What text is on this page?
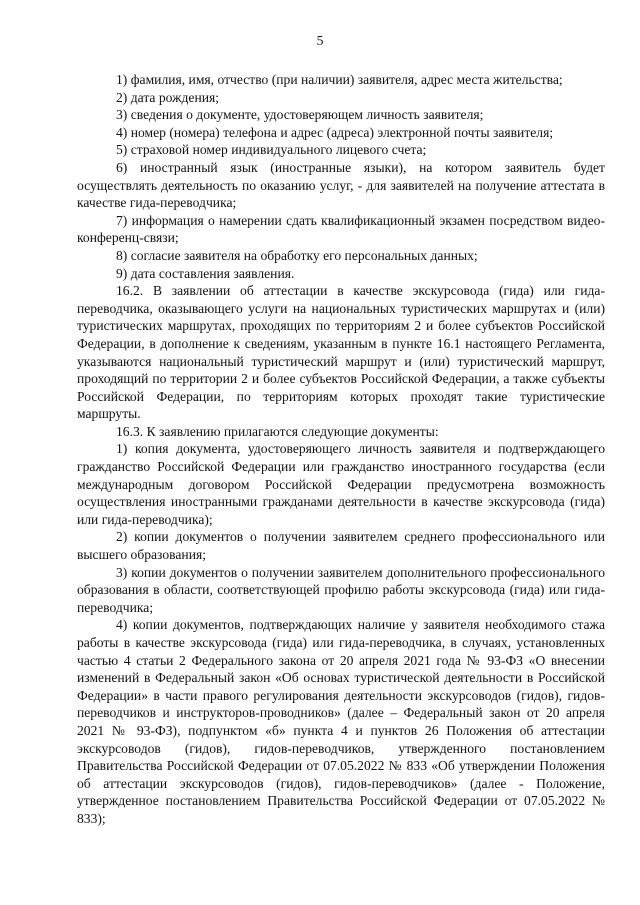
5

1) фамилия, имя, отчество (при наличии) заявителя, адрес места жительства;

2) дата рождения;

3) сведения о документе, удостоверяющем личность заявителя;

4) номер (номера) телефона и адрес (адреса) электронной почты заявителя;

5) страховой номер индивидуального лицевого счета;

6) иностранный язык (иностранные языки), на котором заявитель будет осуществлять деятельность по оказанию услуг, - для заявителей на получение аттестата в качестве гида-переводчика;

7) информация о намерении сдать квалификационный экзамен посредством видео-конференц-связи;

8) согласие заявителя на обработку его персональных данных;

9) дата составления заявления.

16.2. В заявлении об аттестации в качестве экскурсовода (гида) или гида-переводчика, оказывающего услуги на национальных туристических маршрутах и (или) туристических маршрутах, проходящих по территориям 2 и более субъектов Российской Федерации, в дополнение к сведениям, указанным в пункте 16.1 настоящего Регламента, указываются национальный туристический маршрут и (или) туристический маршрут, проходящий по территории 2 и более субъектов Российской Федерации, а также субъекты Российской Федерации, по территориям которых проходят такие туристические маршруты.

16.3. К заявлению прилагаются следующие документы:

1) копия документа, удостоверяющего личность заявителя и подтверждающего гражданство Российской Федерации или гражданство иностранного государства (если международным договором Российской Федерации предусмотрена возможность осуществления иностранными гражданами деятельности в качестве экскурсовода (гида) или гида-переводчика);

2) копии документов о получении заявителем среднего профессионального или высшего образования;

3) копии документов о получении заявителем дополнительного профессионального образования в области, соответствующей профилю работы экскурсовода (гида) или гида-переводчика;

4) копии документов, подтверждающих наличие у заявителя необходимого стажа работы в качестве экскурсовода (гида) или гида-переводчика, в случаях, установленных частью 4 статьи 2 Федерального закона от 20 апреля 2021 года № 93-ФЗ «О внесении изменений в Федеральный закон «Об основах туристической деятельности в Российской Федерации» в части правого регулирования деятельности экскурсоводов (гидов), гидов-переводчиков и инструкторов-проводников» (далее – Федеральный закон от 20 апреля 2021 № 93-ФЗ), подпунктом «б» пункта 4 и пунктов 26 Положения об аттестации экскурсоводов (гидов), гидов-переводчиков, утвержденного постановлением Правительства Российской Федерации от 07.05.2022 № 833 «Об утверждении Положения об аттестации экскурсоводов (гидов), гидов-переводчиков» (далее - Положение, утвержденное постановлением Правительства Российской Федерации от 07.05.2022 № 833);
